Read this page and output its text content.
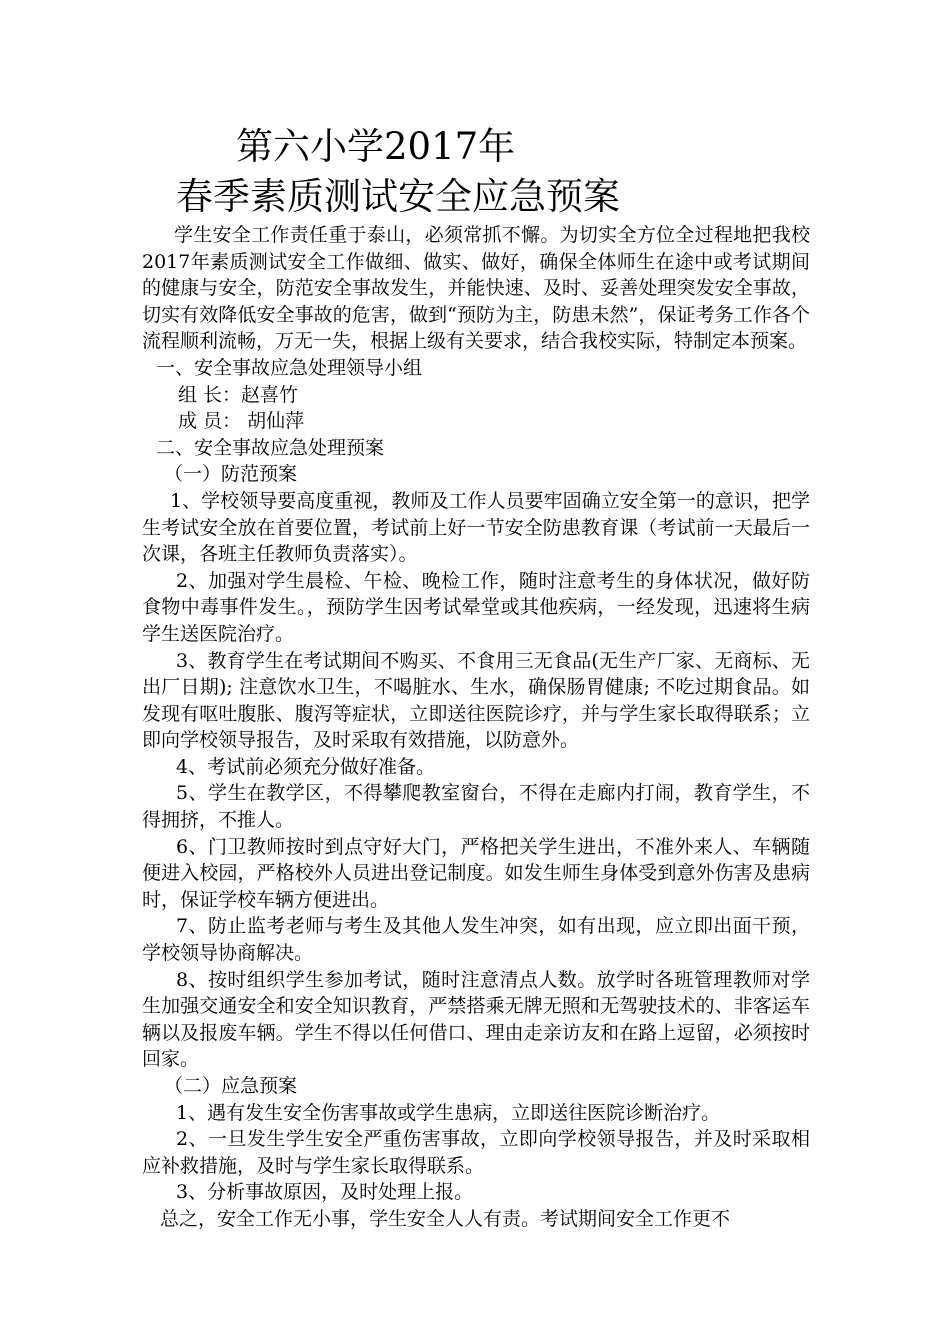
第六小学2017年
春季素质测试安全应急预案

学生安全工作责任重于泰山，必须常抓不懈。为切实全方位全过程地把我校2017年素质测试安全工作做细、做实、做好，确保全体师生在途中或考试期间的健康与安全，防范安全事故发生，并能快速、及时、妥善处理突发安全事故，切实有效降低安全事故的危害，做到“预防为主，防患未然”，保证考务工作各个流程顺利流畅，万无一失，根据上级有关要求，结合我校实际，特制定本预案。

一、安全事故应急处理领导小组

组 长：赵喜竹

成 员： 胡仙萍

二、安全事故应急处理预案

（一）防范预案

1、学校领导要高度重视，教师及工作人员要牢固确立安全第一的意识，把学生考试安全放在首要位置，考试前上好一节安全防患教育课（考试前一天最后一次课，各班主任教师负责落实）。

2、加强对学生晨检、午检、晚检工作，随时注意考生的身体状况，做好防食物中毒事件发生。，预防学生因考试晕堂或其他疾病，一经发现，迅速将生病学生送医院治疗。

3、教育学生在考试期间不购买、不食用三无食品(无生产厂家、无商标、无出厂日期); 注意饮水卫生，不喝脏水、生水，确保肠胃健康; 不吃过期食品。如发现有呕吐腹胀、腹泻等症状，立即送往医院诊疗，并与学生家长取得联系；立即向学校领导报告，及时采取有效措施，以防意外。

4、考试前必须充分做好准备。

5、学生在教学区，不得攀爬教室窗台，不得在走廊内打闹，教育学生，不得拥挤，不推人。

6、门卫教师按时到点守好大门，严格把关学生进出，不准外来人、车辆随便进入校园，严格校外人员进出登记制度。如发生师生身体受到意外伤害及患病时，保证学校车辆方便进出。

7、防止监考老师与考生及其他人发生冲突，如有出现，应立即出面干预，学校领导协商解决。

8、按时组织学生参加考试，随时注意清点人数。放学时各班管理教师对学生加强交通安全和安全知识教育，严禁搭乘无牌无照和无驾驶技术的、非客运车辆以及报废车辆。学生不得以任何借口、理由走亲访友和在路上逗留，必须按时回家。

（二）应急预案

1、遇有发生安全伤害事故或学生患病，立即送往医院诊断治疗。

2、一旦发生学生安全严重伤害事故，立即向学校领导报告，并及时采取相应补救措施，及时与学生家长取得联系。

3、分析事故原因，及时处理上报。

总之，安全工作无小事，学生安全人人有责。考试期间安全工作更不
